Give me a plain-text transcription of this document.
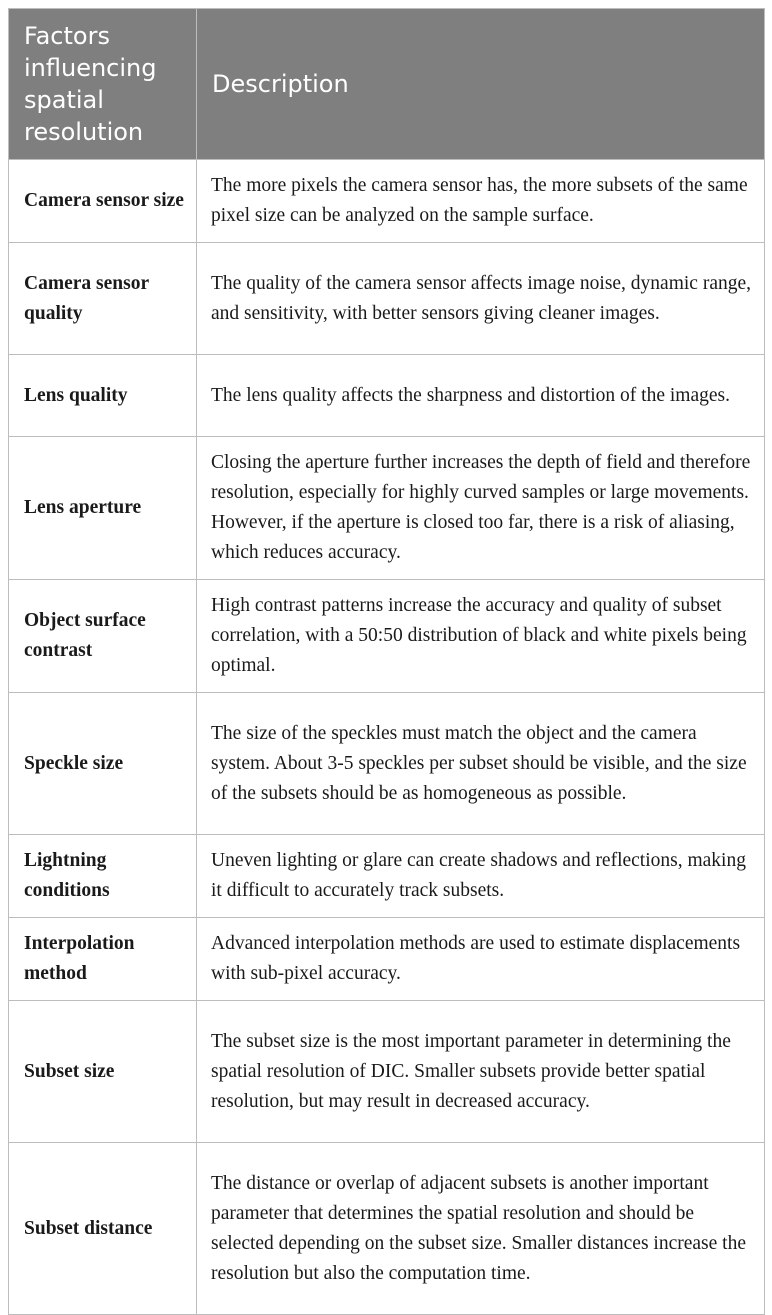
Factors influencing spatial resolution	Description
Camera sensor size	The more pixels the camera sensor has, the more subsets of the same pixel size can be analyzed on the sample surface.
Camera sensor quality	The quality of the camera sensor affects image noise, dynamic range, and sensitivity, with better sensors giving cleaner images.
Lens quality	The lens quality affects the sharpness and distortion of the images.
Lens aperture	Closing the aperture further increases the depth of field and therefore resolution, especially for highly curved samples or large movements. However, if the aperture is closed too far, there is a risk of aliasing, which reduces accuracy.
Object surface contrast	High contrast patterns increase the accuracy and quality of subset correlation, with a 50:50 distribution of black and white pixels being optimal.
Speckle size	The size of the speckles must match the object and the camera system. About 3-5 speckles per subset should be visible, and the size of the subsets should be as homogeneous as possible.
Lightning conditions	Uneven lighting or glare can create shadows and reflections, making it difficult to accurately track subsets.
Interpolation method	Advanced interpolation methods are used to estimate displacements with sub-pixel accuracy.
Subset size	The subset size is the most important parameter in determining the spatial resolution of DIC. Smaller subsets provide better spatial resolution, but may result in decreased accuracy.
Subset distance	The distance or overlap of adjacent subsets is another important parameter that determines the spatial resolution and should be selected depending on the subset size. Smaller distances increase the resolution but also the computation time.
